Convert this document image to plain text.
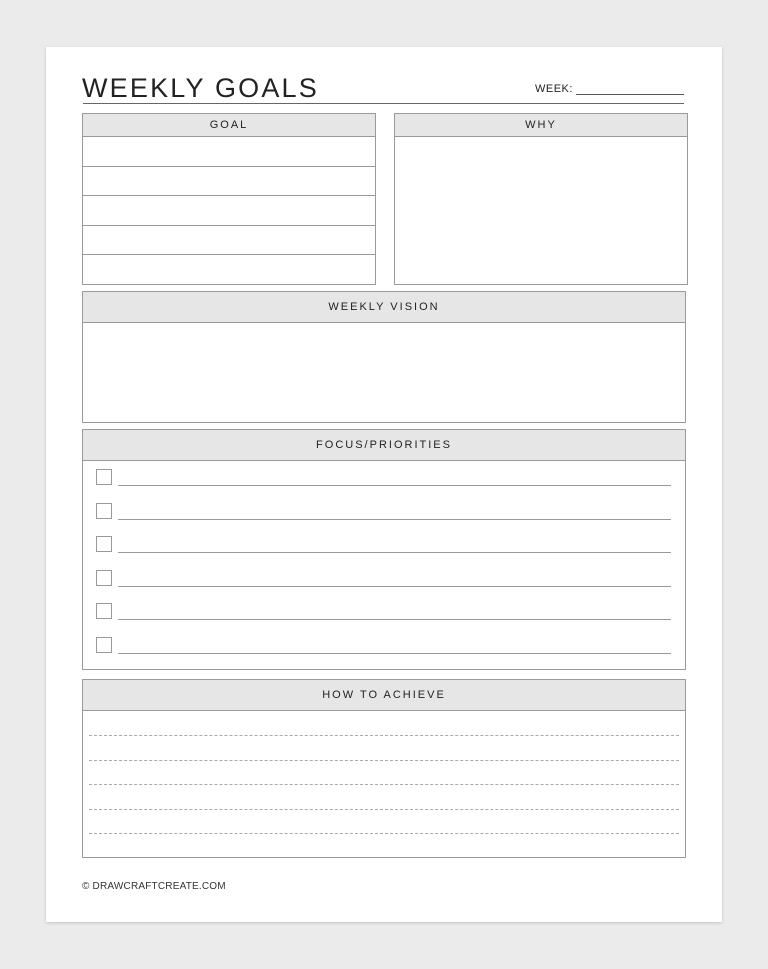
WEEKLY GOALS	WEEK:
GOAL	WHY
WEEKLY VISION
FOCUS/PRIORITIES
HOW TO ACHIEVE
© DRAWCRAFTCREATE.COM
